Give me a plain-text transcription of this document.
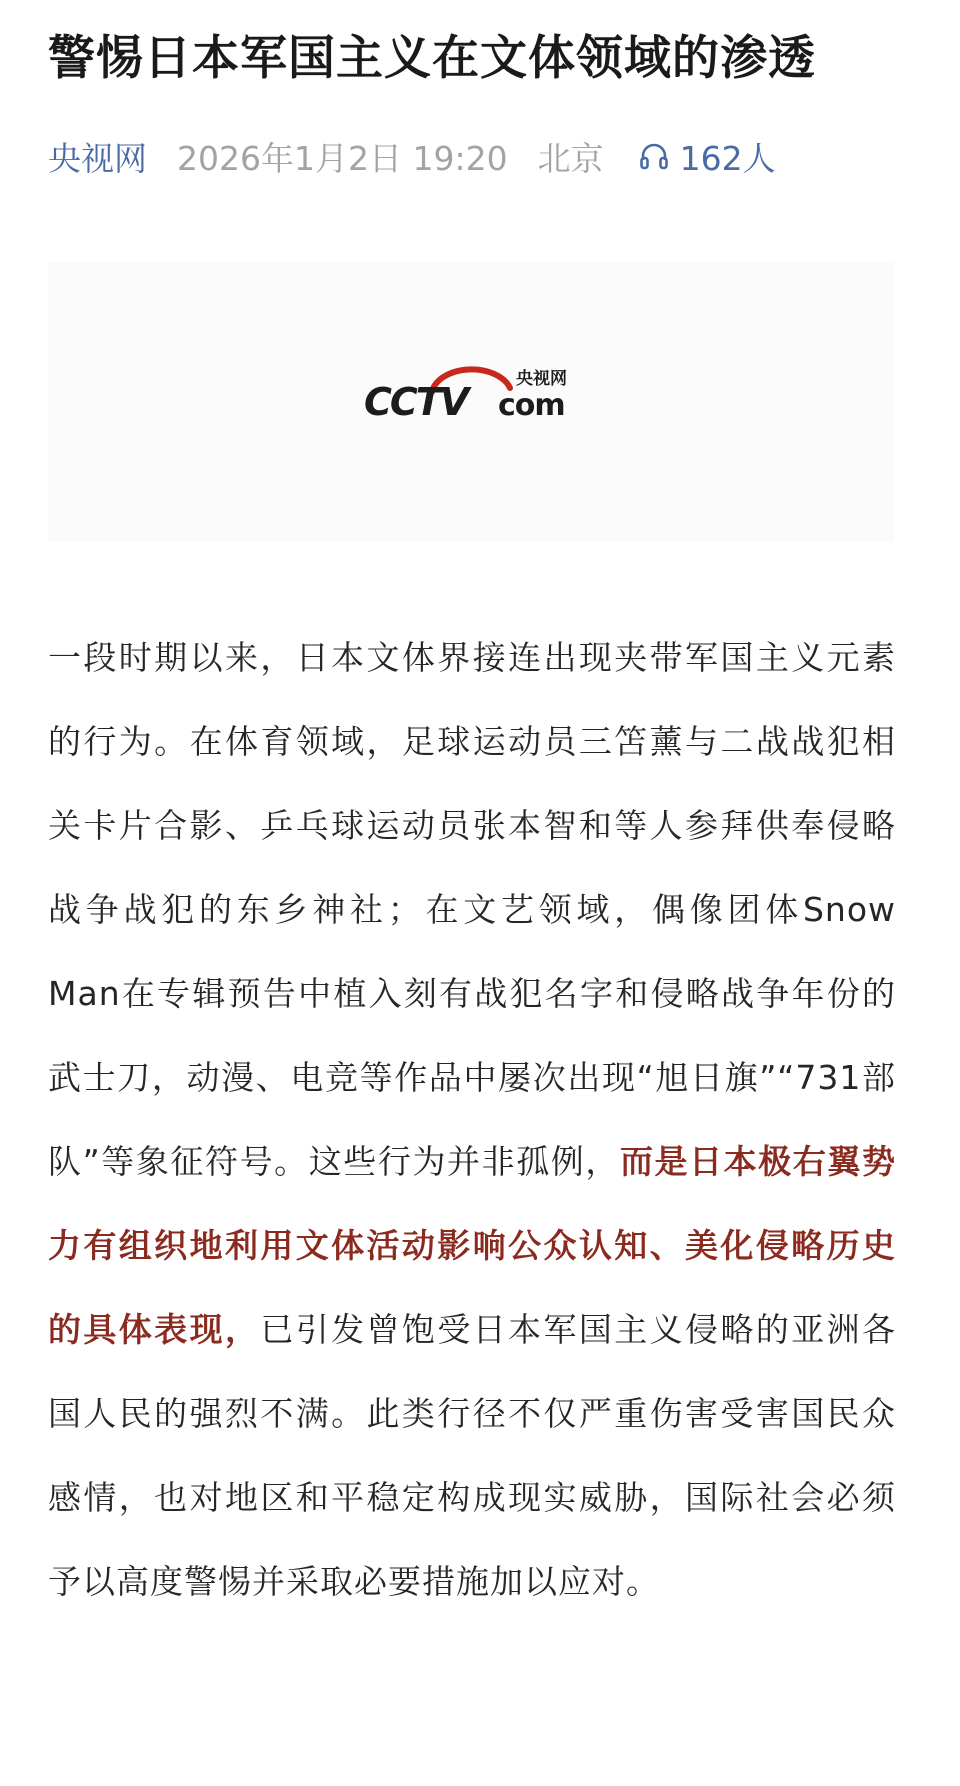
警惕日本军国主义在文体领域的渗透
央视网 2026年1月2日 19:20 北京 162人
CCTV
央视网
com

一段时期以来，日本文体界接连出现夹带军国主义元素的行为。在体育领域，足球运动员三笘薰与二战战犯相关卡片合影、乒乓球运动员张本智和等人参拜供奉侵略战争战犯的东乡神社；在文艺领域，偶像团体Snow Man在专辑预告中植入刻有战犯名字和侵略战争年份的武士刀，动漫、电竞等作品中屡次出现“旭日旗”“731部队”等象征符号。这些行为并非孤例，而是日本极右翼势力有组织地利用文体活动影响公众认知、美化侵略历史的具体表现，已引发曾饱受日本军国主义侵略的亚洲各国人民的强烈不满。此类行径不仅严重伤害受害国民众感情，也对地区和平稳定构成现实威胁，国际社会必须予以高度警惕并采取必要措施加以应对。
